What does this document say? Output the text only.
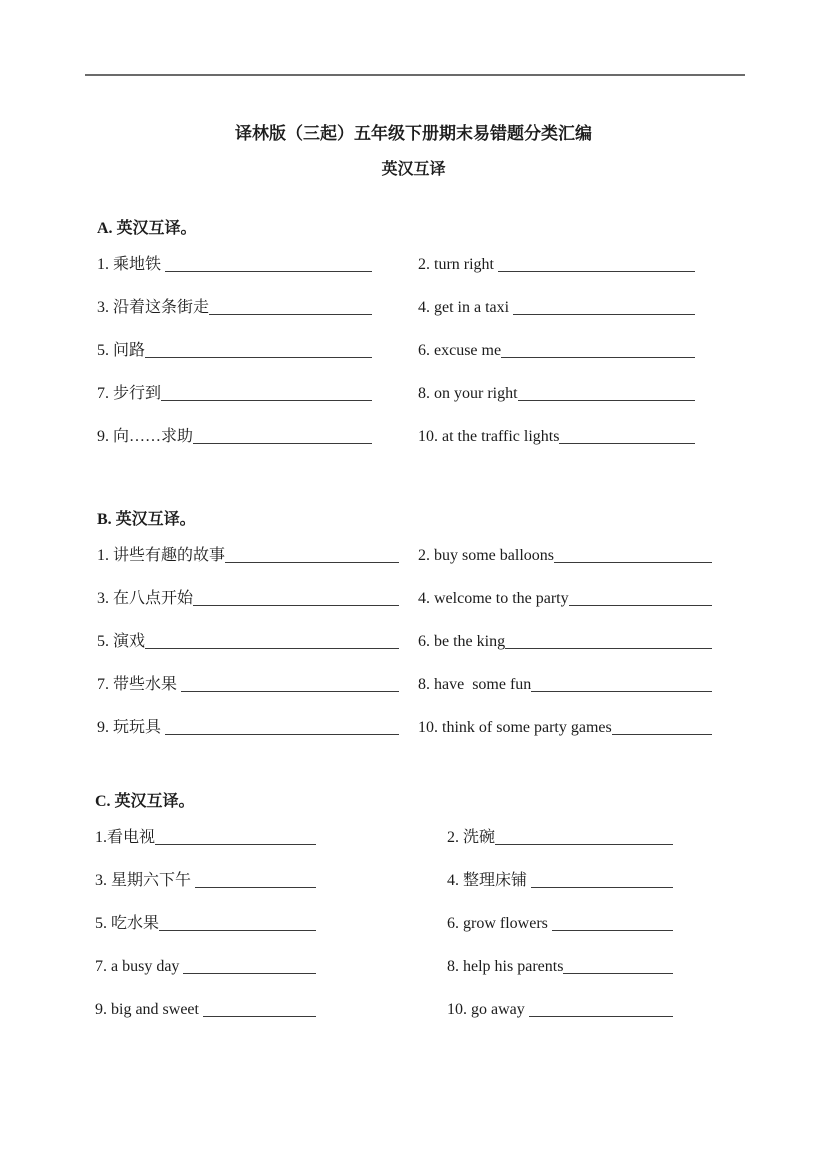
译林版（三起）五年级下册期末易错题分类汇编
英汉互译
A. 英汉互译。
1. 乘地铁	2. turn right
3. 沿着这条街走	4. get in a taxi
5. 问路	6. excuse me
7. 步行到	8. on your right
9. 向……求助	10. at the traffic lights
B. 英汉互译。
1. 讲些有趣的故事	2. buy some balloons
3. 在八点开始	4. welcome to the party
5. 演戏	6. be the king
7. 带些水果	8. have  some fun
9. 玩玩具	10. think of some party games
C. 英汉互译。
1.看电视	2. 洗碗
3. 星期六下午	4. 整理床铺
5. 吃水果	6. grow flowers
7. a busy day	8. help his parents
9. big and sweet	10. go away
